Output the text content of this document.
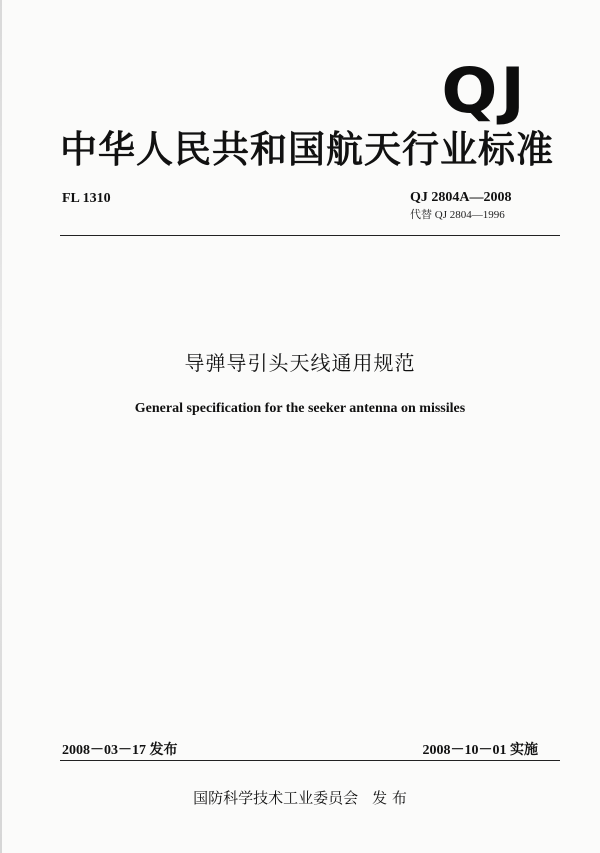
QJ
中华人民共和国航天行业标准
FL 1310	QJ 2804A—2008
代替 QJ 2804—1996
导弹导引头天线通用规范
General specification for the seeker antenna on missiles
2008－03－17 发布	2008－10－01 实施
国防科学技术工业委员会 发 布
